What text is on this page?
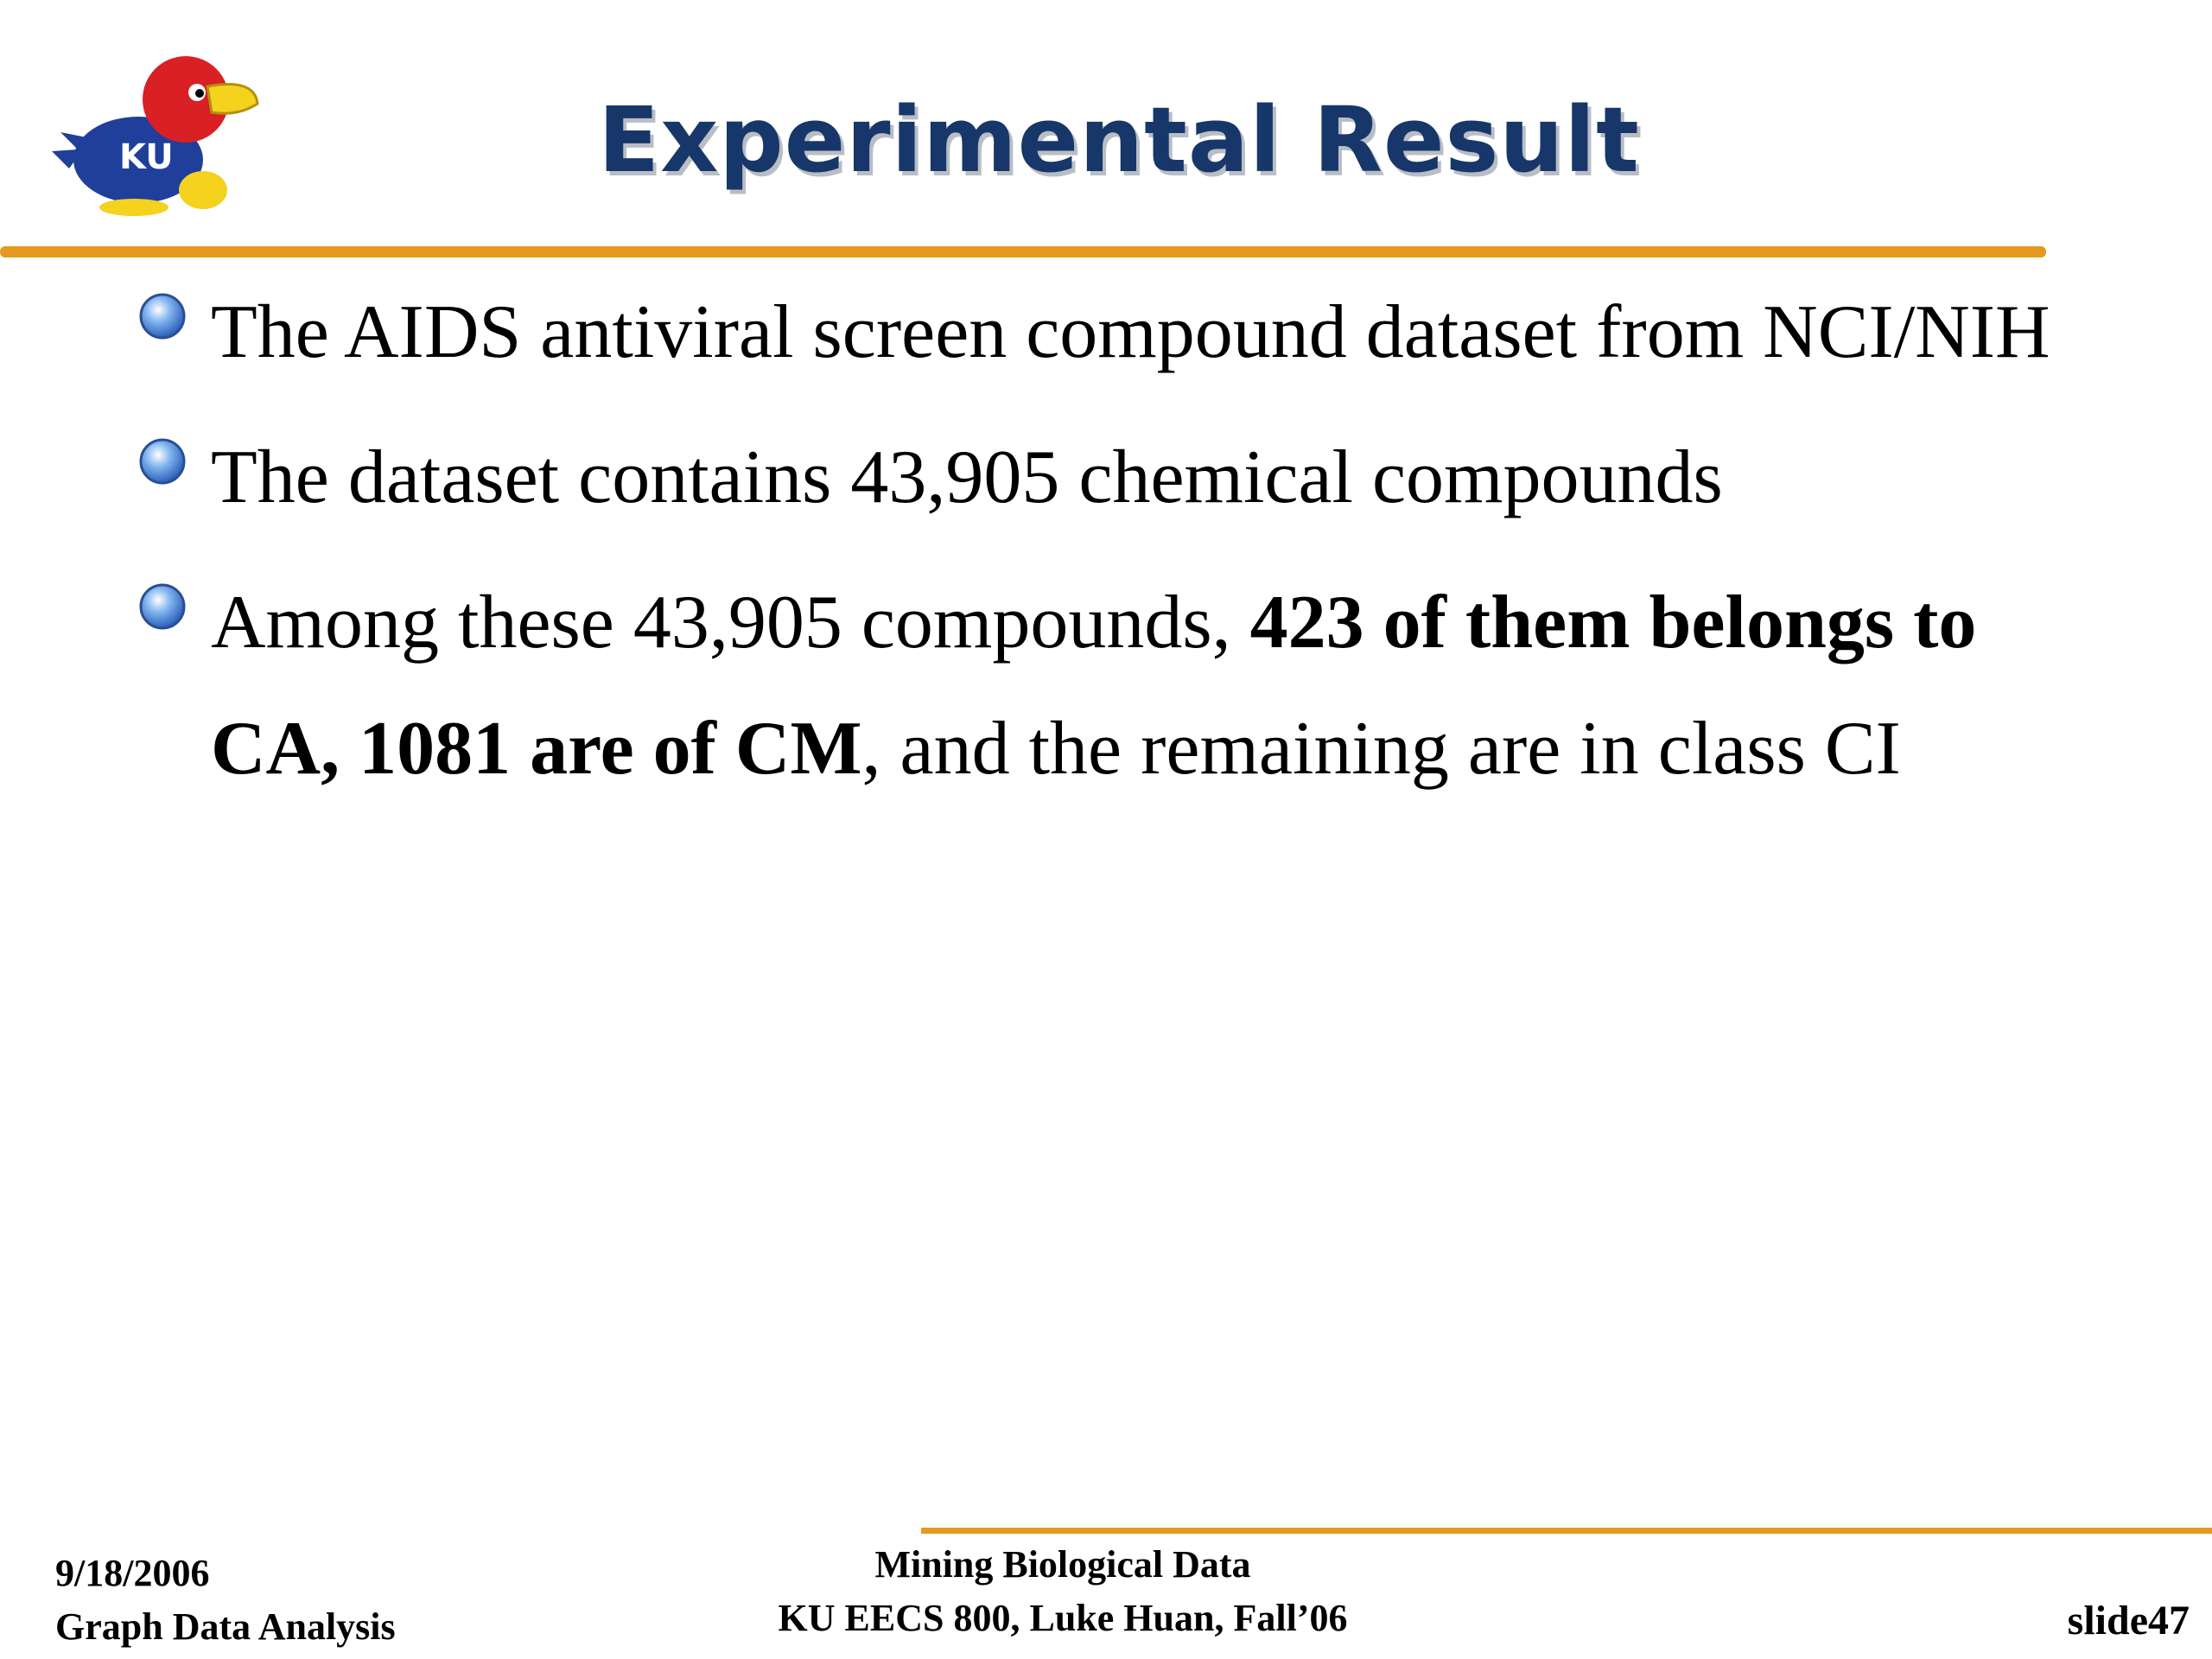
KU	Experimental Result
The AIDS antiviral screen compound dataset from NCI/NIH
The dataset contains 43,905 chemical compounds
Among these 43,905 compounds, 423 of them belongs to CA, 1081 are of CM, and the remaining are in class CI
9/18/2006
Graph Data Analysis
Mining Biological Data
KU EECS 800, Luke Huan, Fall’06	slide47
